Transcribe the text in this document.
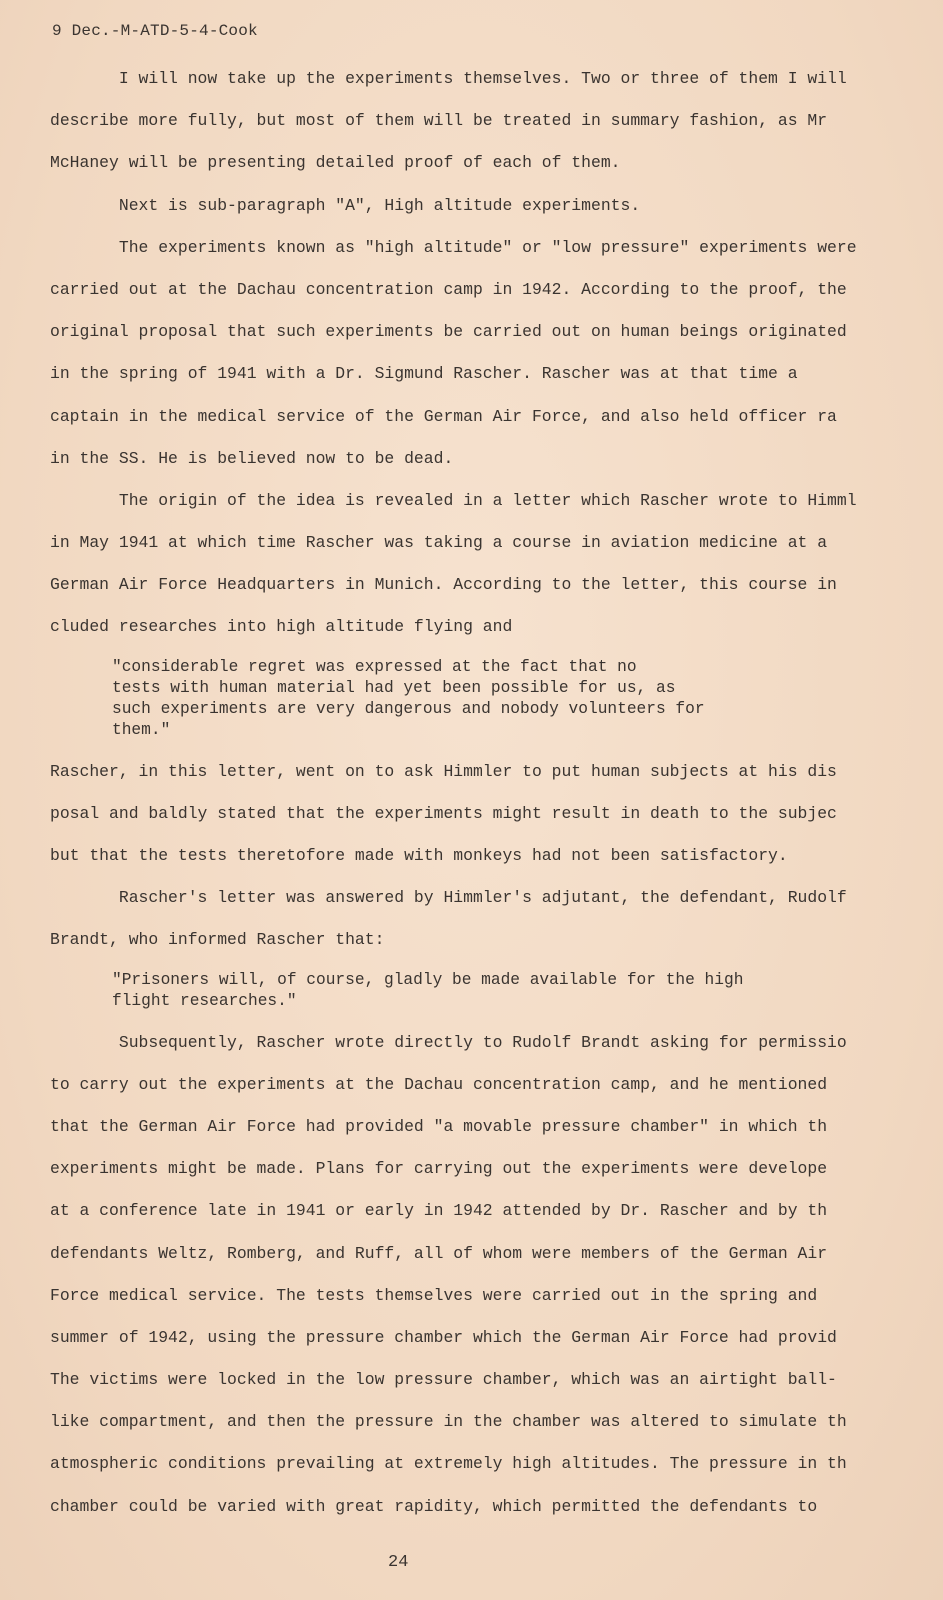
9 Dec.-M-ATD-5-4-Cook
I will now take up the experiments themselves. Two or three of them I will
describe more fully, but most of them will be treated in summary fashion, as Mr
McHaney will be presenting detailed proof of each of them.
Next is sub-paragraph "A", High altitude experiments.
The experiments known as "high altitude" or "low pressure" experiments were
carried out at the Dachau concentration camp in 1942. According to the proof, the
original proposal that such experiments be carried out on human beings originated
in the spring of 1941 with a Dr. Sigmund Rascher. Rascher was at that time a
captain in the medical service of the German Air Force, and also held officer ra
in the SS. He is believed now to be dead.
The origin of the idea is revealed in a letter which Rascher wrote to Himml
in May 1941 at which time Rascher was taking a course in aviation medicine at a
German Air Force Headquarters in Munich. According to the letter, this course in
cluded researches into high altitude flying and
"considerable regret was expressed at the fact that no
tests with human material had yet been possible for us, as
such experiments are very dangerous and nobody volunteers for
them."
Rascher, in this letter, went on to ask Himmler to put human subjects at his dis
posal and baldly stated that the experiments might result in death to the subjec
but that the tests theretofore made with monkeys had not been satisfactory.
Rascher's letter was answered by Himmler's adjutant, the defendant, Rudolf
Brandt, who informed Rascher that:
"Prisoners will, of course, gladly be made available for the high
flight researches."
Subsequently, Rascher wrote directly to Rudolf Brandt asking for permissio
to carry out the experiments at the Dachau concentration camp, and he mentioned
that the German Air Force had provided "a movable pressure chamber" in which th
experiments might be made. Plans for carrying out the experiments were develope
at a conference late in 1941 or early in 1942 attended by Dr. Rascher and by th
defendants Weltz, Romberg, and Ruff, all of whom were members of the German Air
Force medical service. The tests themselves were carried out in the spring and
summer of 1942, using the pressure chamber which the German Air Force had provid
The victims were locked in the low pressure chamber, which was an airtight ball-
like compartment, and then the pressure in the chamber was altered to simulate th
atmospheric conditions prevailing at extremely high altitudes. The pressure in th
chamber could be varied with great rapidity, which permitted the defendants to
24
